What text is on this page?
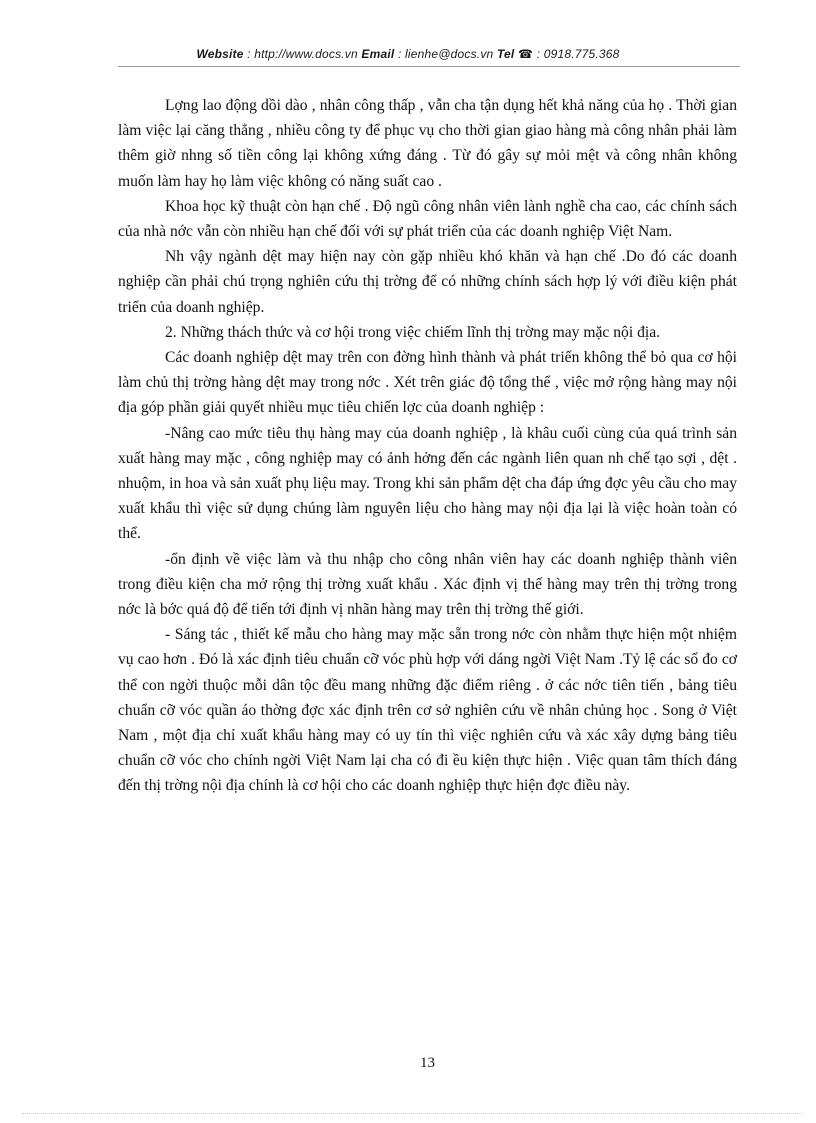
Website : http://www.docs.vn Email : lienhe@docs.vn Tel ☎ : 0918.775.368

Lợng lao động dồi dào , nhân công thấp , vẫn cha tận dụng hết khả năng của họ . Thời gian làm việc lại căng thẳng , nhiều công ty để phục vụ cho thời gian giao hàng mà công nhân phải làm thêm giờ nhng số tiền công lại không xứng đáng . Từ đó gây sự mỏi mệt và công nhân không muốn làm hay họ làm việc không có năng suất cao .

Khoa học kỹ thuật còn hạn chế . Độ ngũ công nhân viên lành nghề cha cao, các chính sách của nhà nớc vẫn còn nhiều hạn chế đối với sự phát triển của các doanh nghiệp Việt Nam.

Nh vậy ngành dệt may hiện nay còn gặp nhiều khó khăn và hạn chế .Do đó các doanh nghiệp cần phải chú trọng nghiên cứu thị trờng để có những chính sách hợp lý với điều kiện phát triển của doanh nghiệp.

2. Những thách thức và cơ hội trong việc chiếm lĩnh thị trờng may mặc nội địa.

Các doanh nghiệp dệt may trên con đờng hình thành và phát triển không thể bỏ qua cơ hội làm chủ thị trờng hàng dệt may trong nớc . Xét trên giác độ tổng thể , việc mở rộng hàng may nội địa góp phần giải quyết nhiều mục tiêu chiến lợc của doanh nghiệp :

-Nâng cao mức tiêu thụ hàng may của doanh nghiệp , là khâu cuối cùng của quá trình sản xuất hàng may mặc , công nghiệp may có ảnh hởng đến các ngành liên quan nh chế tạo sợi , dệt . nhuộm, in hoa và sản xuất phụ liệu may. Trong khi sản phẩm dệt cha đáp ứng đợc yêu cầu cho may xuất khẩu thì việc sử dụng chúng làm nguyên liệu cho hàng may nội địa lại là việc hoàn toàn có thể.

-ổn định về việc làm và thu nhập cho công nhân viên hay các doanh nghiệp thành viên trong điều kiện cha mở rộng thị trờng xuất khẩu . Xác định vị thế hàng may trên thị trờng trong nớc là bớc quá độ để tiến tới định vị nhãn hàng may trên thị trờng thế giới.

- Sáng tác , thiết kế mẫu cho hàng may mặc sẵn trong nớc còn nhằm thực hiện một nhiệm vụ cao hơn . Đó là xác định tiêu chuẩn cỡ vóc phù hợp với dáng ngời Việt Nam .Tỷ lệ các số đo cơ thể con ngời thuộc mỗi dân tộc đều mang những đặc điểm riêng . ở các nớc tiên tiến , bảng tiêu chuẩn cỡ vóc quần áo thờng đợc xác định trên cơ sở nghiên cứu về nhân chủng học . Song ở Việt Nam , một địa chỉ xuất khẩu hàng may có uy tín thì việc nghiên cứu và xác xây dựng bảng tiêu chuẩn cỡ vóc cho chính ngời Việt Nam lại cha có đi ều kiện thực hiện . Việc quan tâm thích đáng đến thị trờng nội địa chính là cơ hội cho các doanh nghiệp thực hiện đợc điều này.

13
